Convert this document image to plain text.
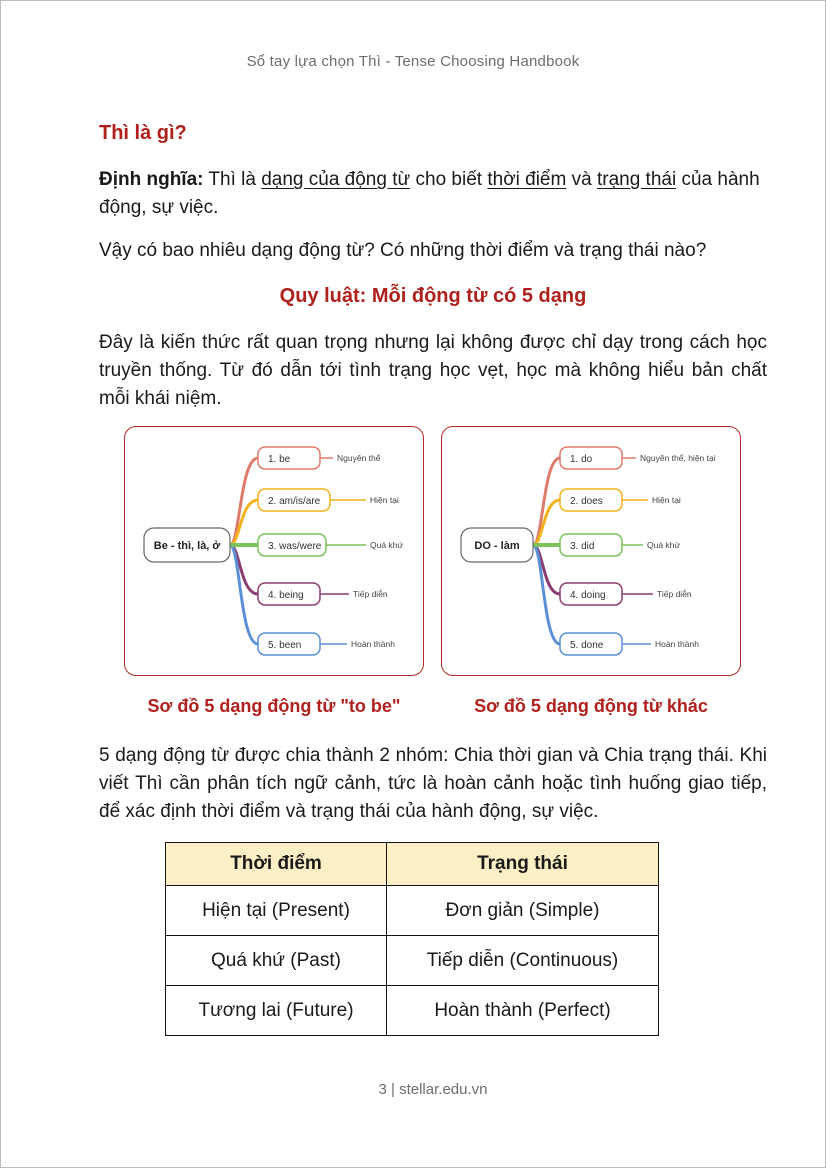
Sổ tay lựa chọn Thì - Tense Choosing Handbook
Thì là gì?
Định nghĩa: Thì là dạng của động từ cho biết thời điểm và trạng thái của hành động, sự việc.
Vậy có bao nhiêu dạng động từ? Có những thời điểm và trạng thái nào?
Quy luật: Mỗi động từ có 5 dạng
Đây là kiến thức rất quan trọng nhưng lại không được chỉ dạy trong cách học truyền thống. Từ đó dẫn tới tình trạng học vẹt, học mà không hiểu bản chất mỗi khái niệm.
1. be	Nguyên thể
2. am/is/are	Hiện tại
3. was/were	Quá khứ
4. being	Tiếp diễn
5. been	Hoàn thành
Be - thì, là, ở
1. do	Nguyên thể, hiện tại
2. does	Hiện tại
3. did	Quá khứ
4. doing	Tiếp diễn
5. done	Hoàn thành
DO - làm
Sơ đồ 5 dạng động từ "to be"	Sơ đồ 5 dạng động từ khác
5 dạng động từ được chia thành 2 nhóm: Chia thời gian và Chia trạng thái. Khi viết Thì cần phân tích ngữ cảnh, tức là hoàn cảnh hoặc tình huống giao tiếp, để xác định thời điểm và trạng thái của hành động, sự việc.
Thời điểm	Trạng thái
Hiện tại (Present)	Đơn giản (Simple)
Quá khứ (Past)	Tiếp diễn (Continuous)
Tương lai (Future)	Hoàn thành (Perfect)
3 | stellar.edu.vn
